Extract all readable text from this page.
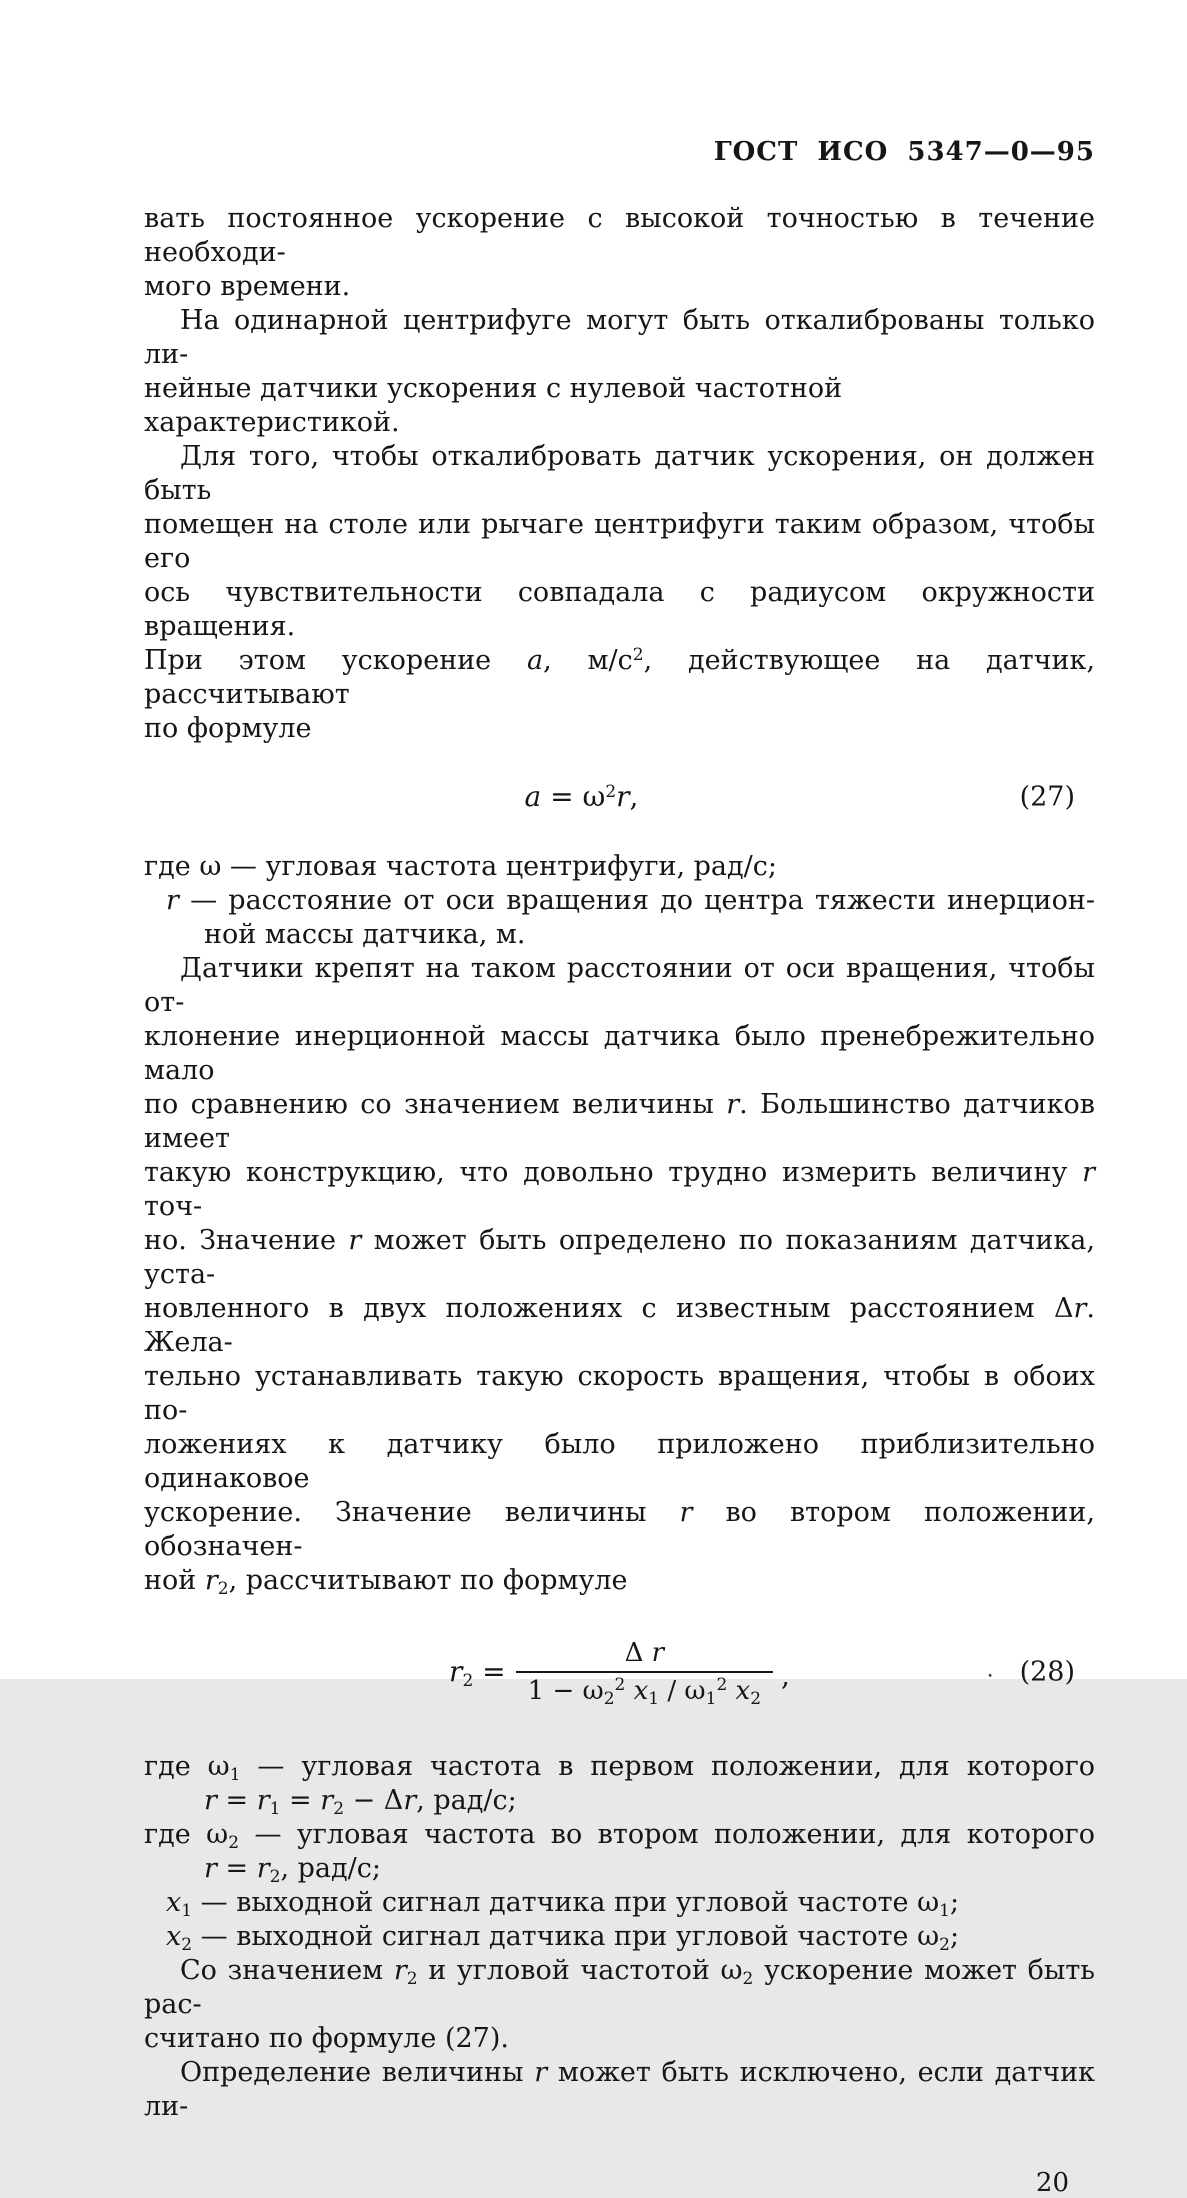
ГОСТ ИСО 5347—0—95
вать постоянное ускорение с высокой точностью в течение необходи-
мого времени.
На одинарной центрифуге могут быть откалиброваны только ли-
нейные датчики ускорения с нулевой частотной характеристикой.
Для того, чтобы откалибровать датчик ускорения, он должен быть
помещен на столе или рычаге центрифуги таким образом, чтобы его
ось чувствительности совпадала с радиусом окружности вращения.
При этом ускорение a, $м/с^2$, действующее на датчик, рассчитывают
по формуле
$a = \omega^2r$,	(27)
где ω — угловая частота центрифуги, рад/с;
r — расстояние от оси вращения до центра тяжести инерцион-
ной массы датчика, м.
Датчики крепят на таком расстоянии от оси вращения, чтобы от-
клонение инерционной массы датчика было пренебрежительно мало
по сравнению со значением величины r. Большинство датчиков имеет
такую конструкцию, что довольно трудно измерить величину r точ-
но. Значение r может быть определено по показаниям датчика, уста-
новленного в двух положениях с известным расстоянием Δr. Жела-
тельно устанавливать такую скорость вращения, чтобы в обоих по-
ложениях к датчику было приложено приблизительно одинаковое
ускорение. Значение величины r во втором положении, обозначен-
ной $r_2$, рассчитывают по формуле
$r_2 = \frac{\text{Δ r}}{1 - \omega_2^2 x_1 / \omega_1^2 x_2}$ ,	. (28)
где $\omega_1$ — угловая частота в первом положении, для которого
$r = r_1 = r_2 - \Delta r$, рад/с;
где $\omega_2$ — угловая частота во втором положении, для которого
$r = r_2$, рад/с;
$x_1$ — выходной сигнал датчика при угловой частоте $\omega_1$;
$x_2$ — выходной сигнал датчика при угловой частоте $\omega_2$;
Со значением $r_2$ и угловой частотой $\omega_2$ ускорение может быть рас-
считано по формуле (27).
Определение величины r может быть исключено, если датчик ли-
20
